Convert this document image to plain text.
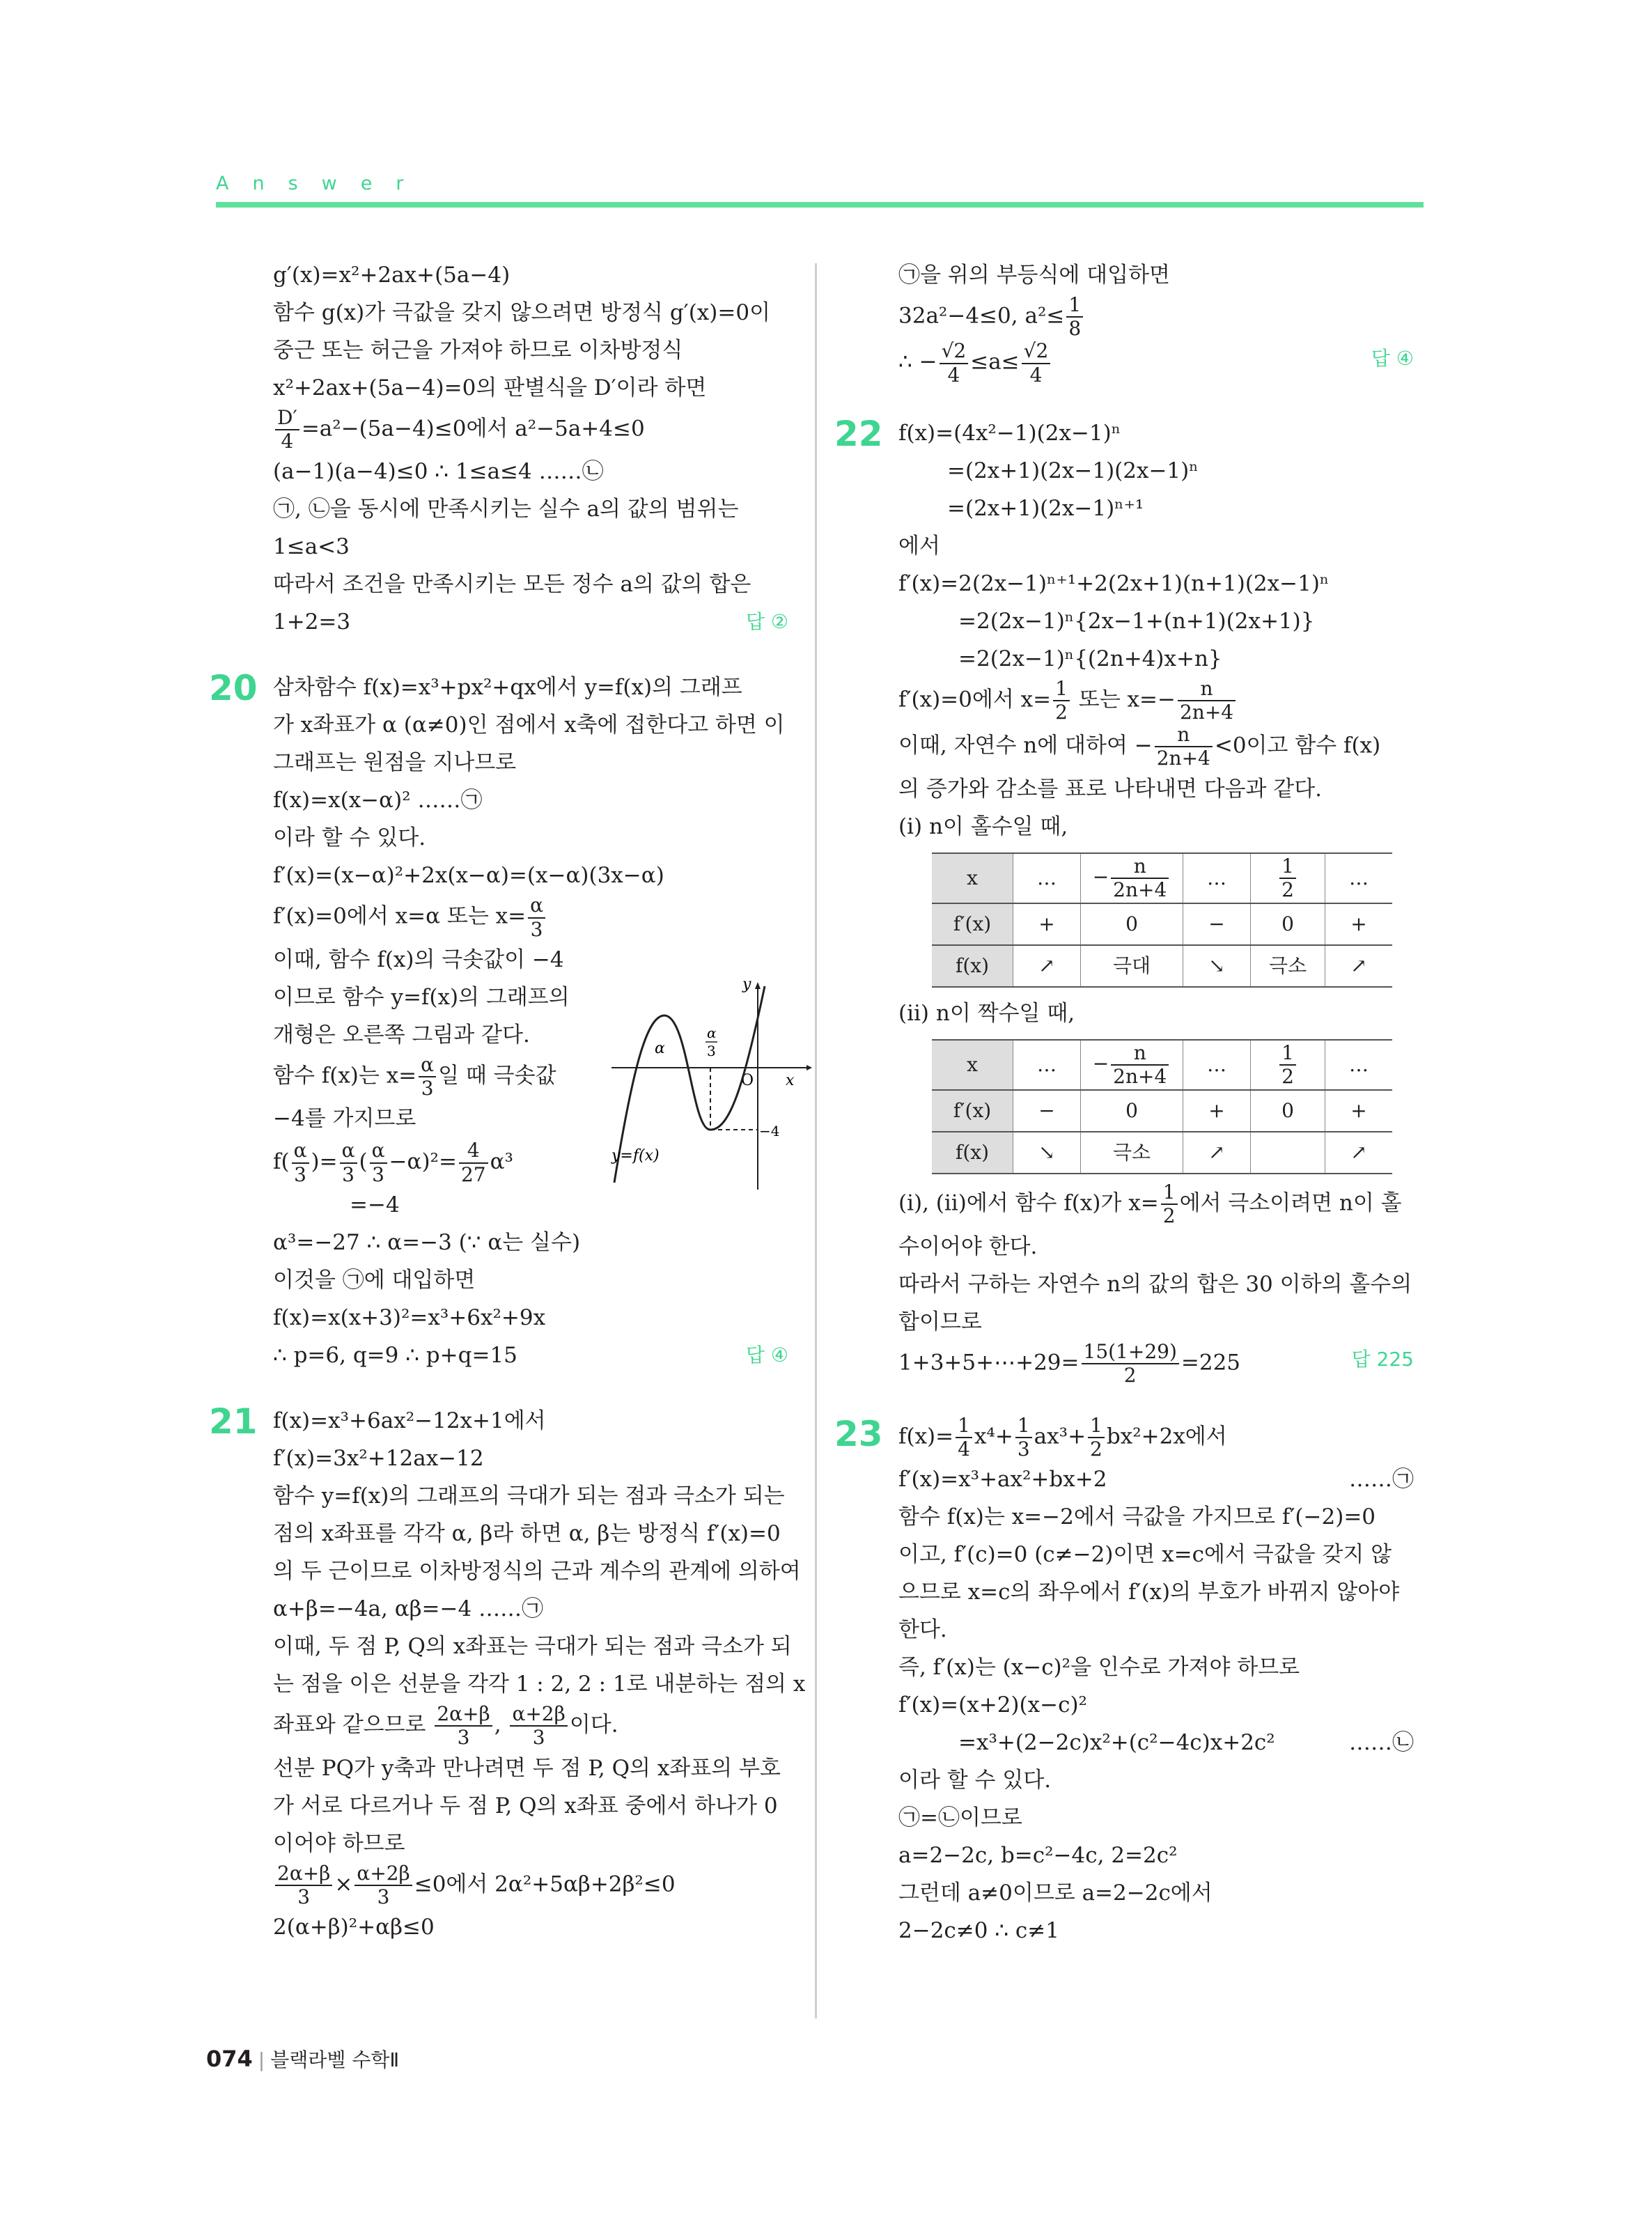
Answer
g′(x)=x²+2ax+(5a−4)
함수 g(x)가 극값을 갖지 않으려면 방정식 g′(x)=0이
중근 또는 허근을 가져야 하므로 이차방정식
x²+2ax+(5a−4)=0의 판별식을 D′이라 하면
$\frac{D'}{4} =a^2-(5a-4)\le 0$에서 a²−5a+4≤0
(a−1)(a−4)≤0 ∴ 1≤a≤4 ……㉡
㉠, ㉡을 동시에 만족시키는 실수 a의 값의 범위는
1≤a<3
따라서 조건을 만족시키는 모든 정수 a의 값의 합은
1+2=3	답 ②
20 삼차함수 f(x)=x³+px²+qx에서 y=f(x)의 그래프
가 x좌표가 α (α≠0)인 점에서 x축에 접한다고 하면 이
그래프는 원점을 지나므로
f(x)=x(x−α)² ……㉠
이라 할 수 있다.
f′(x)=(x−α)²+2x(x−α)=(x−α)(3x−α)
f′(x)=0에서 x=α 또는 $x= \frac{\alpha}{3}$
이때, 함수 f(x)의 극솟값이 −4
이므로 함수 y=f(x)의 그래프의
개형은 오른쪽 그림과 같다.
함수 f(x)는 $x= \frac{\alpha}{3}$ 일 때 극솟값
−4를 가지므로
$f( \frac{\alpha}{3}$ )= $\frac{\alpha}{3}$ ( $\frac{\alpha}{3} -\alpha)^2= \frac{4}{27} \alpha^3$
=−4
α³=−27 ∴ α=−3 (∵ α는 실수)
이것을 ㉠에 대입하면
f(x)=x(x+3)²=x³+6x²+9x
∴ p=6, q=9 ∴ p+q=15	답 ④
21 f(x)=x³+6ax²−12x+1에서
f′(x)=3x²+12ax−12
함수 y=f(x)의 그래프의 극대가 되는 점과 극소가 되는
점의 x좌표를 각각 α, β라 하면 α, β는 방정식 f′(x)=0
의 두 근이므로 이차방정식의 근과 계수의 관계에 의하여
α+β=−4a, αβ=−4 ……㉠
이때, 두 점 P, Q의 x좌표는 극대가 되는 점과 극소가 되
는 점을 이은 선분을 각각 1 : 2, 2 : 1로 내분하는 점의 x
좌표와 같으므로 $\frac{2\alpha+\beta}{3}$ , $\frac{\alpha+2\beta}{3}$ 이다.
선분 PQ가 y축과 만나려면 두 점 P, Q의 x좌표의 부호
가 서로 다르거나 두 점 P, Q의 x좌표 중에서 하나가 0
이어야 하므로
$\frac{2\alpha+\beta}{3} \times \frac{\alpha+2\beta}{3} \le 0$에서 2α²+5αβ+2β²≤0
2(α+β)²+αβ≤0
y
x
O
α
α
3
−4
y=f(x)
㉠을 위의 부등식에 대입하면
32a²−4≤0, $a^2\le \frac{1}{8}$
∴ − $\frac{√2}{4} \le a\le \frac{√2}{4}$	답 ④
22 f(x)=(4x²−1)(2x−1)ⁿ
=(2x+1)(2x−1)(2x−1)ⁿ
=(2x+1)(2x−1)ⁿ⁺¹
에서
f′(x)=2(2x−1)ⁿ⁺¹+2(2x+1)(n+1)(2x−1)ⁿ
=2(2x−1)ⁿ{2x−1+(n+1)(2x+1)}
=2(2x−1)ⁿ{(2n+4)x+n}
f′(x)=0에서 $x= \frac{1}{2}$ 또는 $x=- \frac{n}{2n+4}$
이때, 자연수 n에 대하여 − $\frac{n}{2n+4} <0$이고 함수 f(x)
의 증가와 감소를 표로 나타내면 다음과 같다.
(ⅰ) n이 홀수일 때,
x	…	− $\frac{n}{2n+4}$	…	$\frac{1}{2}$	…
f′(x)	+	0	−	0	+
f(x)	↗	극대	↘	극소	↗
(ⅱ) n이 짝수일 때,
x	…	− $\frac{n}{2n+4}$	…	$\frac{1}{2}$	…
f′(x)	−	0	+	0	+
f(x)	↘	극소	↗		↗
(ⅰ), (ⅱ)에서 함수 f(x)가 $x= \frac{1}{2}$ 에서 극소이려면 n이 홀
수이어야 한다.
따라서 구하는 자연수 n의 값의 합은 30 이하의 홀수의
합이므로
1+3+5+⋯+29= $\frac{15(1+29)}{2} =225$	답 225
23 $f(x)= \frac{1}{4} x^4+ \frac{1}{3} ax^3+ \frac{1}{2} bx^2+2x$에서
f′(x)=x³+ax²+bx+2	……㉠
함수 f(x)는 x=−2에서 극값을 가지므로 f′(−2)=0
이고, f′(c)=0 (c≠−2)이면 x=c에서 극값을 갖지 않
으므로 x=c의 좌우에서 f′(x)의 부호가 바뀌지 않아야
한다.
즉, f′(x)는 (x−c)²을 인수로 가져야 하므로
f′(x)=(x+2)(x−c)²
=x³+(2−2c)x²+(c²−4c)x+2c²	……㉡
이라 할 수 있다.
㉠=㉡이므로
a=2−2c, b=c²−4c, 2=2c²
그런데 a≠0이므로 a=2−2c에서
2−2c≠0 ∴ c≠1
074 | 블랙라벨 수학Ⅱ
